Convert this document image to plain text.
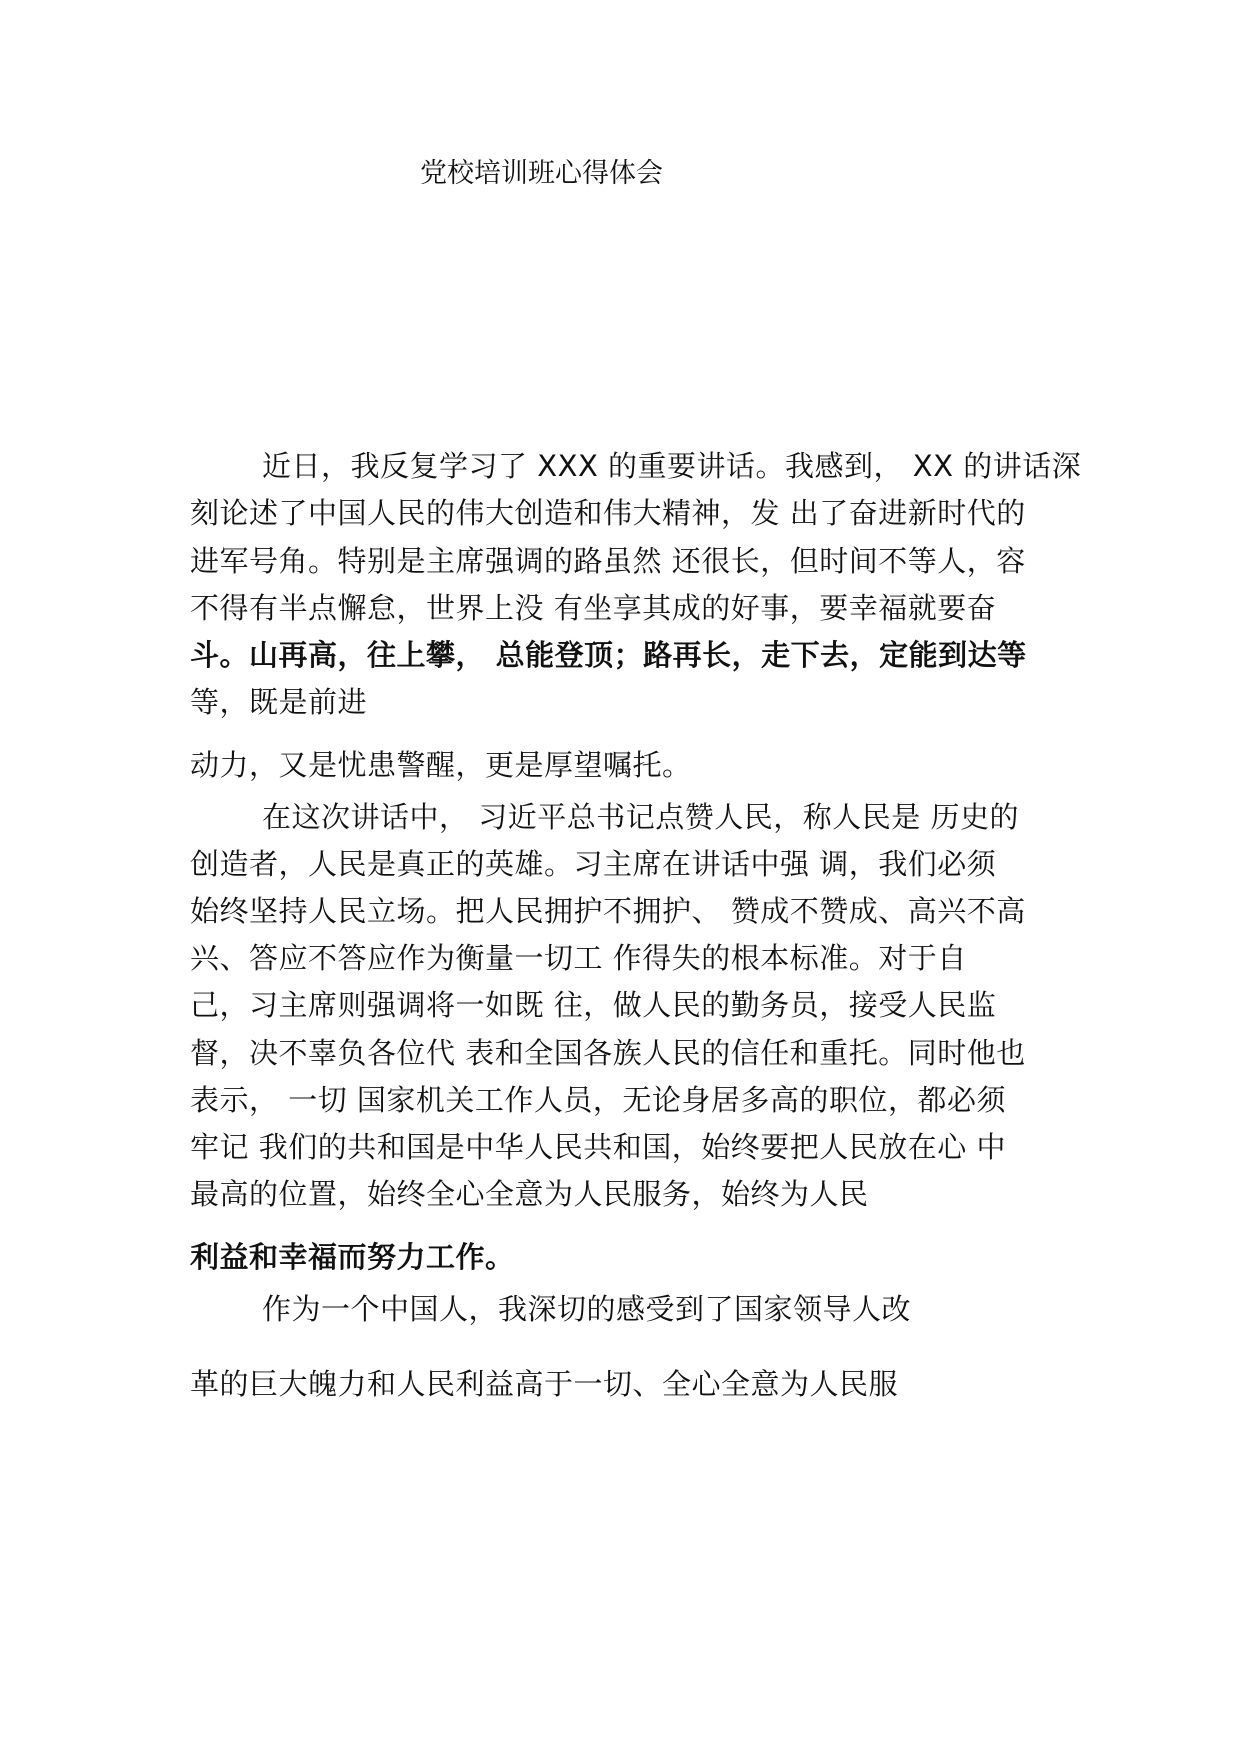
党校培训班心得体会
近日，我反复学习了 XXX 的重要讲话。我感到， XX 的讲话深
刻论述了中国人民的伟大创造和伟大精神，发 出了奋进新时代的
进军号角。特别是主席强调的路虽然 还很长，但时间不等人，容
不得有半点懈怠，世界上没 有坐享其成的好事，要幸福就要奋
斗。山再高，往上攀， 总能登顶；路再长，走下去，定能到达等
等，既是前进
动力，又是忧患警醒，更是厚望嘱托。
在这次讲话中， 习近平总书记点赞人民，称人民是 历史的
创造者，人民是真正的英雄。习主席在讲话中强 调，我们必须
始终坚持人民立场。把人民拥护不拥护、 赞成不赞成、高兴不高
兴、答应不答应作为衡量一切工 作得失的根本标准。对于自
己，习主席则强调将一如既 往，做人民的勤务员，接受人民监
督，决不辜负各位代 表和全国各族人民的信任和重托。同时他也
表示， 一切 国家机关工作人员，无论身居多高的职位，都必须
牢记 我们的共和国是中华人民共和国，始终要把人民放在心 中
最高的位置，始终全心全意为人民服务，始终为人民
利益和幸福而努力工作。
作为一个中国人，我深切的感受到了国家领导人改
革的巨大魄力和人民利益高于一切、全心全意为人民服
